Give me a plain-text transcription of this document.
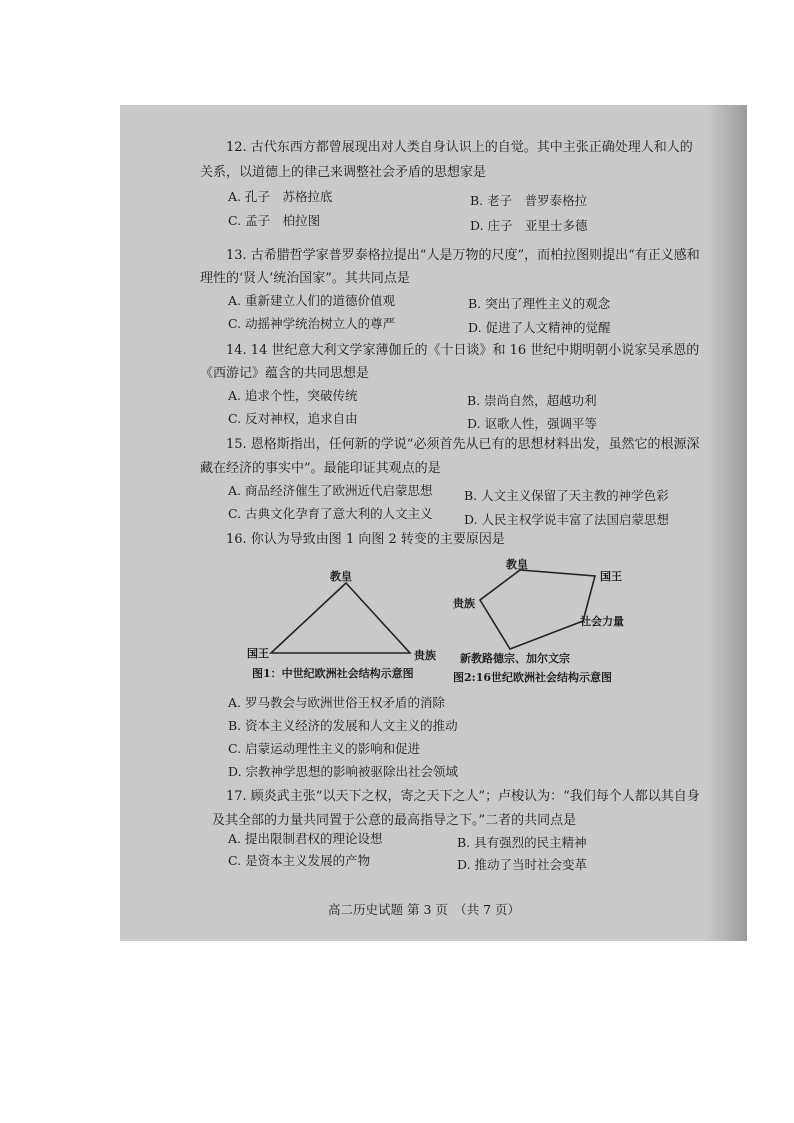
12. 古代东西方都曾展现出对人类自身认识上的自觉。其中主张正确处理人和人的
关系，以道德上的律己来调整社会矛盾的思想家是
A. 孔子　苏格拉底	B. 老子　普罗泰格拉
C. 孟子　柏拉图	D. 庄子　亚里士多德
13. 古希腊哲学家普罗泰格拉提出“人是万物的尺度”，而柏拉图则提出“有正义感和
理性的‘贤人’统治国家”。其共同点是
A. 重新建立人们的道德价值观	B. 突出了理性主义的观念
C. 动摇神学统治树立人的尊严	D. 促进了人文精神的觉醒
14. 14 世纪意大利文学家薄伽丘的《十日谈》和 16 世纪中期明朝小说家吴承恩的
《西游记》蕴含的共同思想是
A. 追求个性，突破传统	B. 崇尚自然，超越功利
C. 反对神权，追求自由	D. 讴歌人性，强调平等
15. 恩格斯指出，任何新的学说“必须首先从已有的思想材料出发，虽然它的根源深
藏在经济的事实中”。最能印证其观点的是
A. 商品经济催生了欧洲近代启蒙思想	B. 人文主义保留了天主教的神学色彩
C. 古典文化孕育了意大利的人文主义	D. 人民主权学说丰富了法国启蒙思想
16. 你认为导致由图 1 向图 2 转变的主要原因是
教皇
国王	贵族
图1：中世纪欧洲社会结构示意图
教皇
国王
贵族
社会力量
新教路德宗、加尔文宗
图2:16世纪欧洲社会结构示意图
A. 罗马教会与欧洲世俗王权矛盾的消除
B. 资本主义经济的发展和人文主义的推动
C. 启蒙运动理性主义的影响和促进
D. 宗教神学思想的影响被驱除出社会领域
17. 顾炎武主张“以天下之权，寄之天下之人”；卢梭认为：“我们每个人都以其自身
及其全部的力量共同置于公意的最高指导之下。”二者的共同点是
A. 提出限制君权的理论设想	B. 具有强烈的民主精神
C. 是资本主义发展的产物	D. 推动了当时社会变革
高二历史试题 第 3 页　（共 7 页）
